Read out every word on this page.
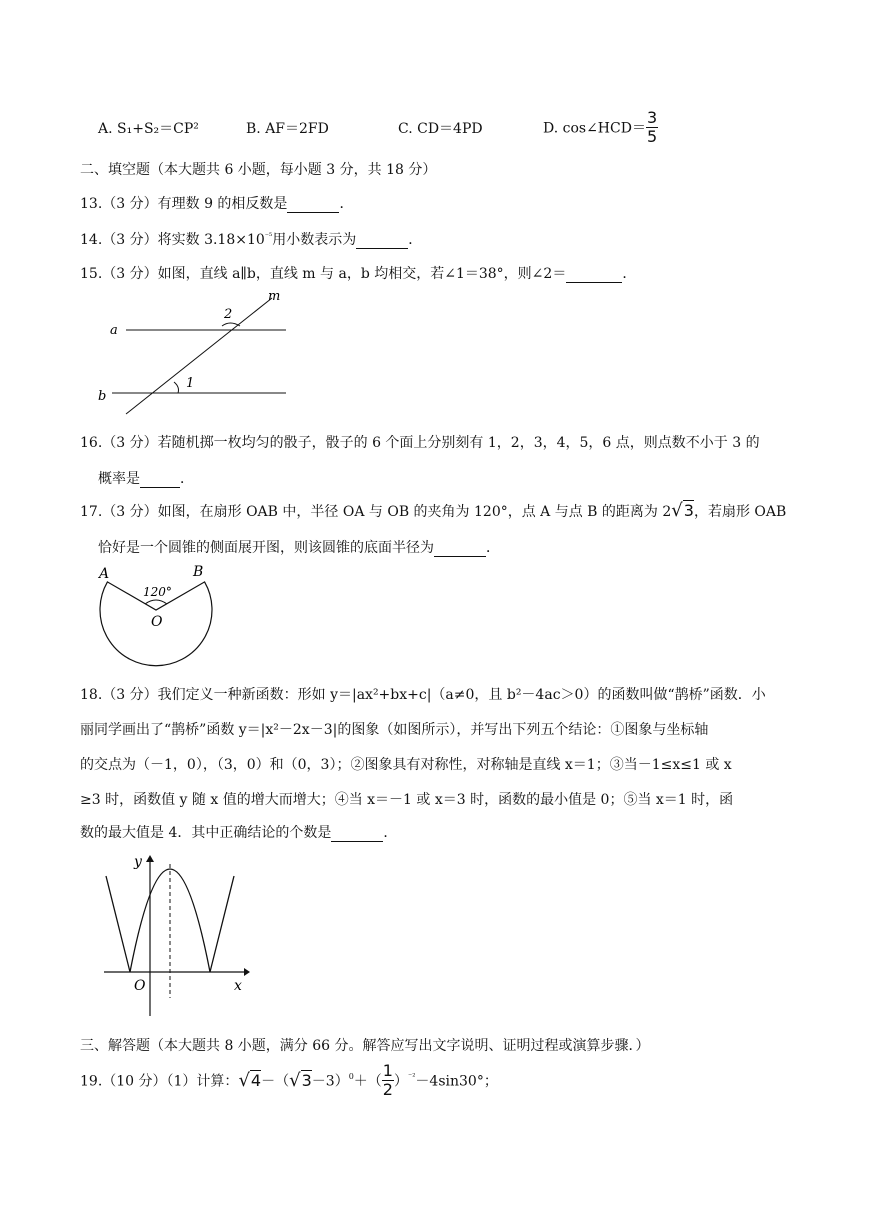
A. S₁+S₂＝CP²	B. AF＝2FD	C. CD＝4PD	D. cos∠HCD＝ $\frac{3}{5}$
二、填空题（本大题共 6 小题，每小题 3 分，共 18 分）
13.（3 分）有理数 9 的相反数是	．
14.（3 分）将实数 $3.18\times 10^{^{-5}}$用小数表示为	．
15.（3 分）如图，直线 a∥b，直线 m 与 a，b 均相交，若∠1＝38°，则∠2＝	．
a
b
m
2
1
16.（3 分）若随机掷一枚均匀的骰子，骰子的 6 个面上分别刻有 1，2，3，4，5，6 点，则点数不小于 3 的
概率是	．
17.（3 分）如图，在扇形 OAB 中，半径 OA 与 OB 的夹角为 120°，点 A 与点 B 的距离为 2√3，若扇形 OAB
恰好是一个圆锥的侧面展开图，则该圆锥的底面半径为	．
A	B
O
120°
18.（3 分）我们定义一种新函数：形如 y＝|ax²+bx+c|（a≠0，且 b²－4ac＞0）的函数叫做“鹊桥”函数．小
丽同学画出了“鹊桥”函数 y＝|x²－2x－3|的图象（如图所示），并写出下列五个结论：①图象与坐标轴
的交点为（－1，0），（3，0）和（0，3）；②图象具有对称性，对称轴是直线 x＝1；③当－1≤x≤1 或 x
≥3 时，函数值 y 随 x 值的增大而增大；④当 x＝－1 或 x＝3 时，函数的最小值是 0；⑤当 x＝1 时，函
数的最大值是 4．其中正确结论的个数是	．
y
x
O
三、解答题（本大题共 8 小题，满分 66 分。解答应写出文字说明、证明过程或演算步骤．）
19.（10 分）（1）计算：$√4-(√3-3)^0+( \frac{1}{2} )^{^{-2}}-4\sin 30^\circ$；
